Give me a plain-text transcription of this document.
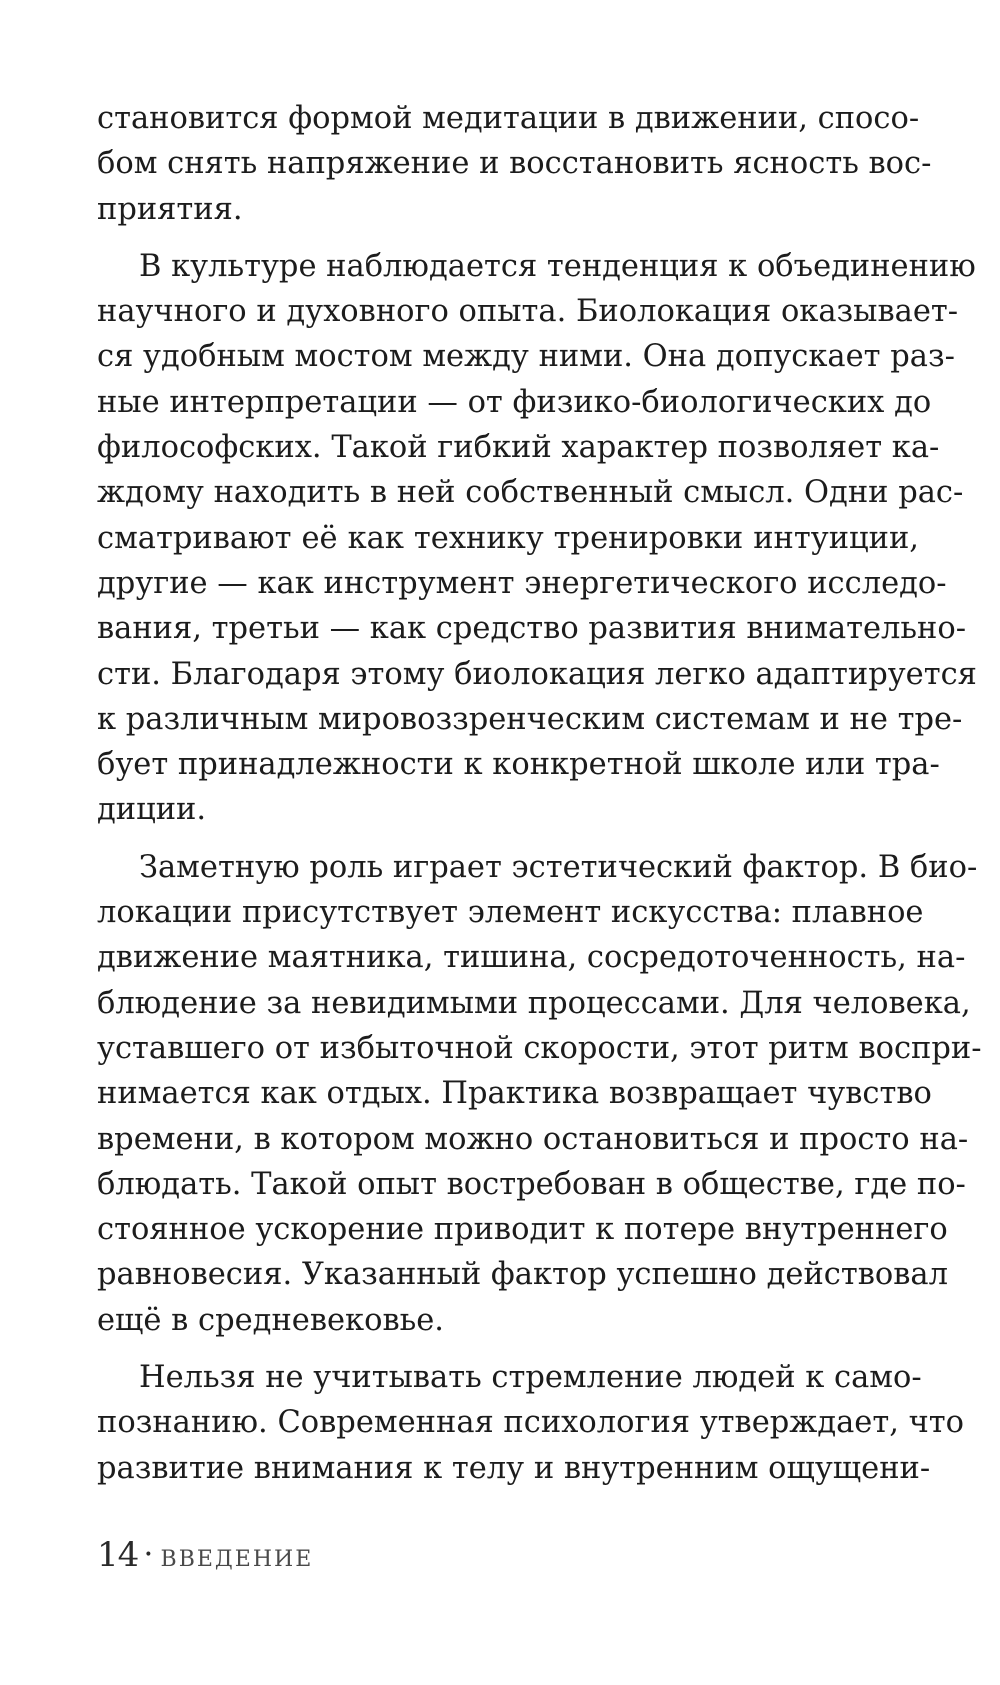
становится формой медитации в движении, спосо-
бом снять напряжение и восстановить ясность вос-
приятия.
В культуре наблюдается тенденция к объединению
научного и духовного опыта. Биолокация оказывает-
ся удобным мостом между ними. Она допускает раз-
ные интерпретации — от физико-биологических до
философских. Такой гибкий характер позволяет ка-
ждому находить в ней собственный смысл. Одни рас-
сматривают её как технику тренировки интуиции,
другие — как инструмент энергетического исследо-
вания, третьи — как средство развития внимательно-
сти. Благодаря этому биолокация легко адаптируется
к различным мировоззренческим системам и не тре-
бует принадлежности к конкретной школе или тра-
диции.
Заметную роль играет эстетический фактор. В био-
локации присутствует элемент искусства: плавное
движение маятника, тишина, сосредоточенность, на-
блюдение за невидимыми процессами. Для человека,
уставшего от избыточной скорости, этот ритм воспри-
нимается как отдых. Практика возвращает чувство
времени, в котором можно остановиться и просто на-
блюдать. Такой опыт востребован в обществе, где по-
стоянное ускорение приводит к потере внутреннего
равновесия. Указанный фактор успешно действовал
ещё в средневековье.
Нельзя не учитывать стремление людей к само-
познанию. Современная психология утверждает, что
развитие внимания к телу и внутренним ощущени-
14 • ВВЕДЕНИЕ
